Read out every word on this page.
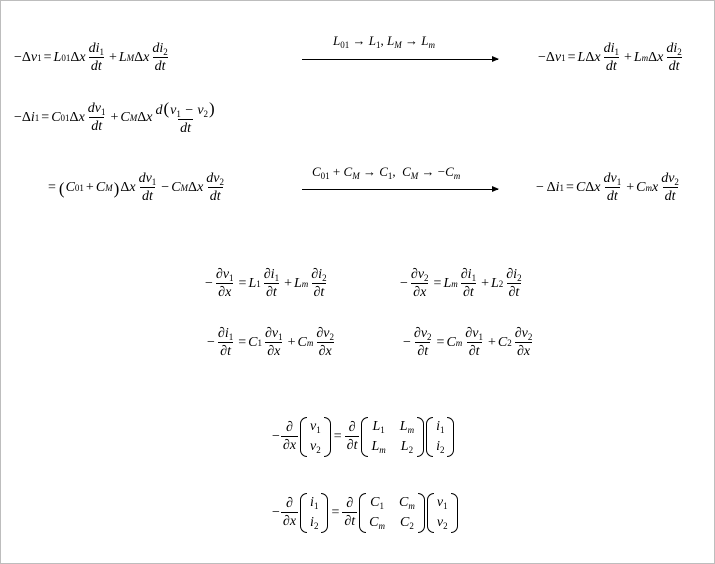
−Δ v 1 = L 01 Δ x
$di_1$
dt
+ L M Δ x
$di_2$
dt
$L_{01} \to L_1$, $L_M \to L_m$
−Δ v 1 = L Δ x
$di_1$
dt
+ L m Δ x
$di_2$
dt
−Δ i 1 = C 01 Δ x
$dv_1$
dt
+ C M Δ x $d(v_1 - v_2)$
dt
= ( C 01 + C M ) Δ x
$dv_1$
dt
− C M Δ x
$dv_2$
dt
$C_{01} + C_M \to C_1$,  $C_M \to -C_m$
− Δ i 1 = C Δ x
$dv_1$
dt
+ C m x
$dv_2$
dt
− $\frac{\partial v_1}{\partial x} = L$ 1
$\partial i_1$
∂t
+ L m
$\partial i_2$
∂t
− $\frac{\partial v_2}{\partial x} = L$ m
$\partial i_1$
∂t
+ L 2
$\partial i_2$
∂t
− $\frac{\partial i_1}{\partial t} = C$ 1
$\partial v_1$
∂x
+ C m
$\partial v_2$
∂x
− $\frac{\partial v_2}{\partial t} = C$ m
$\partial v_1$
∂t
+ C 2
$\partial v_2$
∂x
−
∂
∂x
$v_1$
$v_2$
=
∂
∂t
$L_1$ $L_m$
$L_m$ $L_2$
$i_1$
$i_2$
−
∂
∂x
$i_1$
$i_2$
=
∂
∂t
$C_1$ $C_m$
$C_m$ $C_2$
$v_1$
$v_2$
